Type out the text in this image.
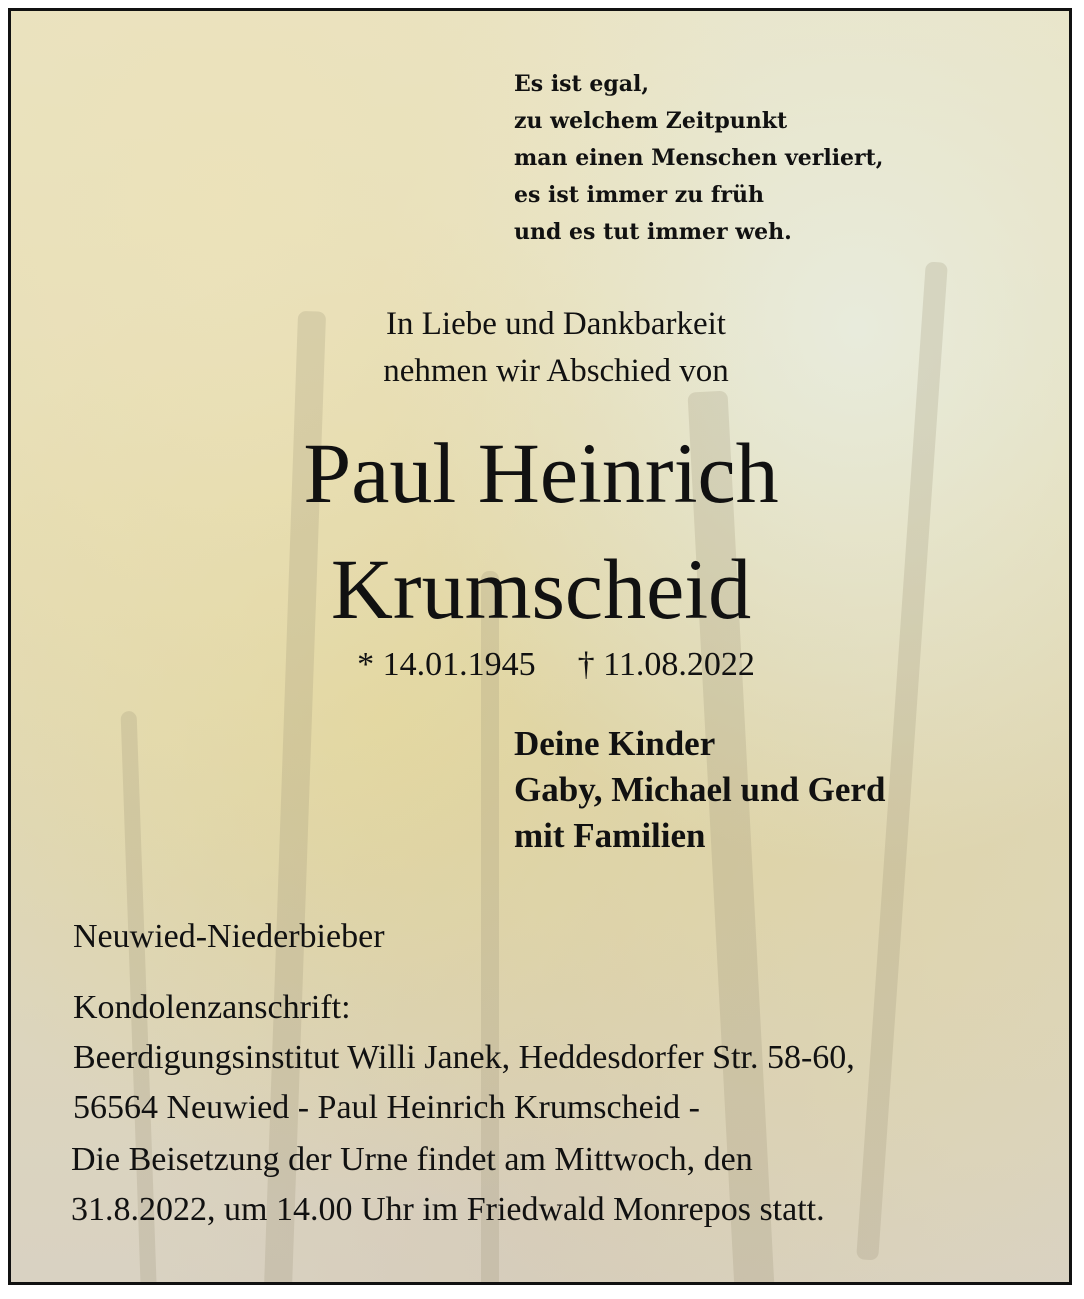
Es ist egal,
zu welchem Zeitpunkt
man einen Menschen verliert,
es ist immer zu früh
und es tut immer weh.
In Liebe und Dankbarkeit
nehmen wir Abschied von
Paul Heinrich
Krumscheid
* 14.01.1945 † 11.08.2022
Deine Kinder
Gaby, Michael und Gerd
mit Familien
Neuwied-Niederbieber
Kondolenzanschrift:
Beerdigungsinstitut Willi Janek, Heddesdorfer Str. 58-60,
56564 Neuwied - Paul Heinrich Krumscheid -
Die Beisetzung der Urne findet am Mittwoch, den
31.8.2022, um 14.00 Uhr im Friedwald Monrepos statt.
